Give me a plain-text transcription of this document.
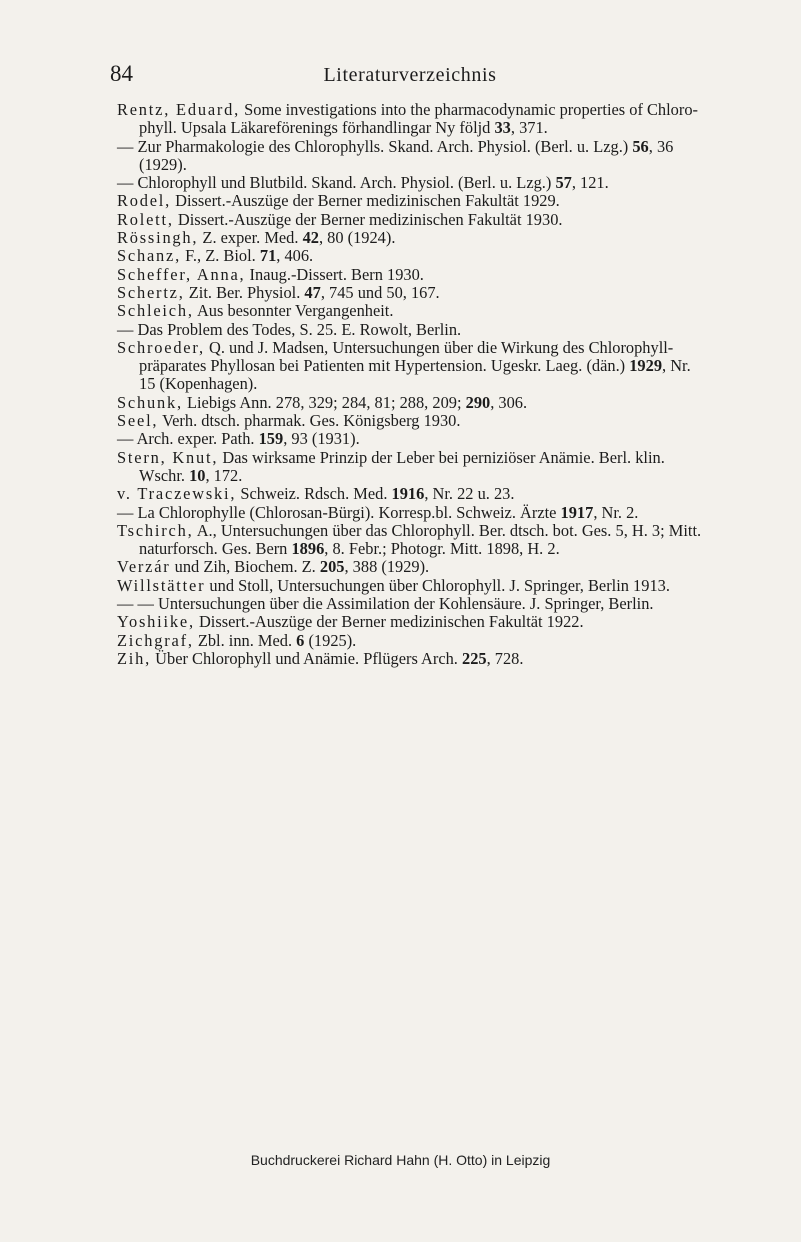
84	Literaturverzeichnis

Rentz, Eduard, Some investigations into the pharmacodynamic properties of Chloro-phyll. Upsala Läkareförenings förhandlingar Ny följd 33, 371.

— Zur Pharmakologie des Chlorophylls. Skand. Arch. Physiol. (Berl. u. Lzg.) 56, 36 (1929).

— Chlorophyll und Blutbild. Skand. Arch. Physiol. (Berl. u. Lzg.) 57, 121.

Rodel, Dissert.-Auszüge der Berner medizinischen Fakultät 1929.

Rolett, Dissert.-Auszüge der Berner medizinischen Fakultät 1930.

Rössingh, Z. exper. Med. 42, 80 (1924).

Schanz, F., Z. Biol. 71, 406.

Scheffer, Anna, Inaug.-Dissert. Bern 1930.

Schertz, Zit. Ber. Physiol. 47, 745 und 50, 167.

Schleich, Aus besonnter Vergangenheit.

— Das Problem des Todes, S. 25. E. Rowolt, Berlin.

Schroeder, Q. und J. Madsen, Untersuchungen über die Wirkung des Chlorophyll-präparates Phyllosan bei Patienten mit Hypertension. Ugeskr. Laeg. (dän.) 1929, Nr. 15 (Kopenhagen).

Schunk, Liebigs Ann. 278, 329; 284, 81; 288, 209; 290, 306.

Seel, Verh. dtsch. pharmak. Ges. Königsberg 1930.

— Arch. exper. Path. 159, 93 (1931).

Stern, Knut, Das wirksame Prinzip der Leber bei perniziöser Anämie. Berl. klin. Wschr. 10, 172.

v. Traczewski, Schweiz. Rdsch. Med. 1916, Nr. 22 u. 23.

— La Chlorophylle (Chlorosan-Bürgi). Korresp.bl. Schweiz. Ärzte 1917, Nr. 2.

Tschirch, A., Untersuchungen über das Chlorophyll. Ber. dtsch. bot. Ges. 5, H. 3; Mitt. naturforsch. Ges. Bern 1896, 8. Febr.; Photogr. Mitt. 1898, H. 2.

Verzár und Zih, Biochem. Z. 205, 388 (1929).

Willstätter und Stoll, Untersuchungen über Chlorophyll. J. Springer, Berlin 1913.

— — Untersuchungen über die Assimilation der Kohlensäure. J. Springer, Berlin.

Yoshiike, Dissert.-Auszüge der Berner medizinischen Fakultät 1922.

Zichgraf, Zbl. inn. Med. 6 (1925).

Zih, Über Chlorophyll und Anämie. Pflügers Arch. 225, 728.

Buchdruckerei Richard Hahn (H. Otto) in Leipzig
